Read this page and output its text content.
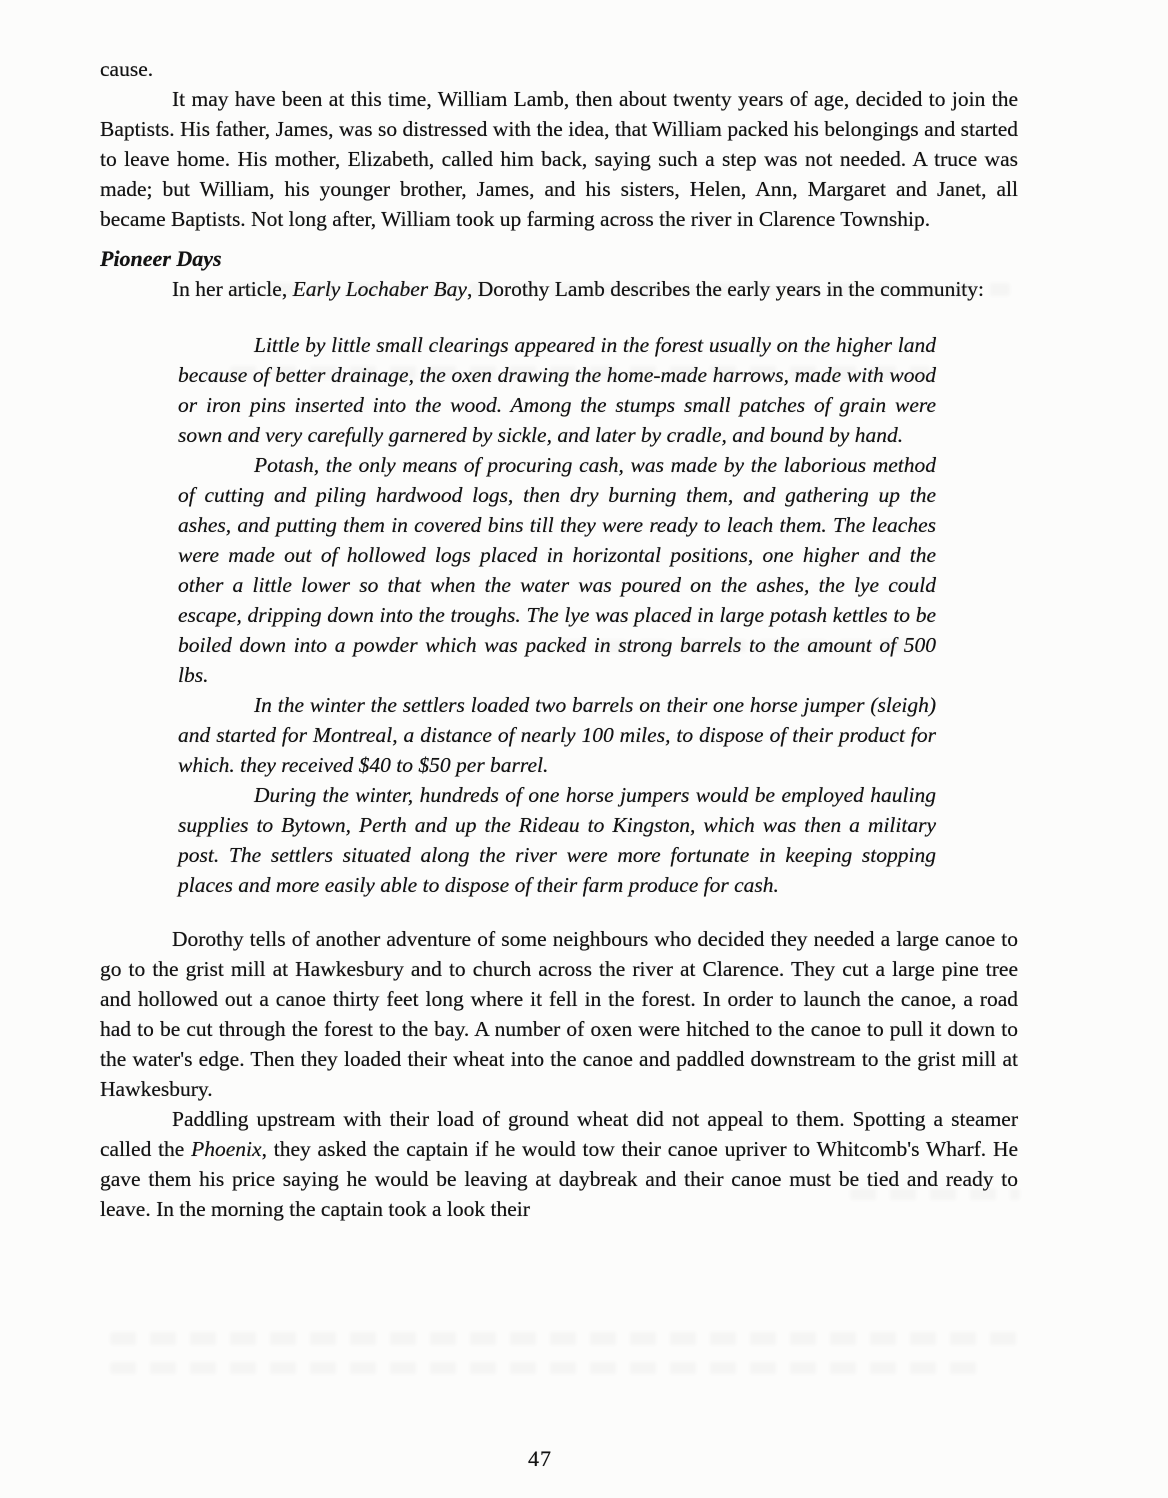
cause.

It may have been at this time, William Lamb, then about twenty years of age, decided to join the Baptists. His father, James, was so distressed with the idea, that William packed his belongings and started to leave home. His mother, Elizabeth, called him back, saying such a step was not needed. A truce was made; but William, his younger brother, James, and his sisters, Helen, Ann, Margaret and Janet, all became Baptists. Not long after, William took up farming across the river in Clarence Township.

Pioneer Days

In her article, Early Lochaber Bay, Dorothy Lamb describes the early years in the community:

Little by little small clearings appeared in the forest usually on the higher land because of better drainage, the oxen drawing the home-made harrows, made with wood or iron pins inserted into the wood. Among the stumps small patches of grain were sown and very carefully garnered by sickle, and later by cradle, and bound by hand.

Potash, the only means of procuring cash, was made by the laborious method of cutting and piling hardwood logs, then dry burning them, and gathering up the ashes, and putting them in covered bins till they were ready to leach them. The leaches were made out of hollowed logs placed in horizontal positions, one higher and the other a little lower so that when the water was poured on the ashes, the lye could escape, dripping down into the troughs. The lye was placed in large potash kettles to be boiled down into a powder which was packed in strong barrels to the amount of 500 lbs.

In the winter the settlers loaded two barrels on their one horse jumper (sleigh) and started for Montreal, a distance of nearly 100 miles, to dispose of their product for which. they received $40 to $50 per barrel.

During the winter, hundreds of one horse jumpers would be employed hauling supplies to Bytown, Perth and up the Rideau to Kingston, which was then a military post. The settlers situated along the river were more fortunate in keeping stopping places and more easily able to dispose of their farm produce for cash.

Dorothy tells of another adventure of some neighbours who decided they needed a large canoe to go to the grist mill at Hawkesbury and to church across the river at Clarence. They cut a large pine tree and hollowed out a canoe thirty feet long where it fell in the forest. In order to launch the canoe, a road had to be cut through the forest to the bay. A number of oxen were hitched to the canoe to pull it down to the water's edge. Then they loaded their wheat into the canoe and paddled downstream to the grist mill at Hawkesbury.

Paddling upstream with their load of ground wheat did not appeal to them. Spotting a steamer called the Phoenix, they asked the captain if he would tow their canoe upriver to Whitcomb's Wharf. He gave them his price saying he would be leaving at daybreak and their canoe must be tied and ready to leave. In the morning the captain took a look their

47
